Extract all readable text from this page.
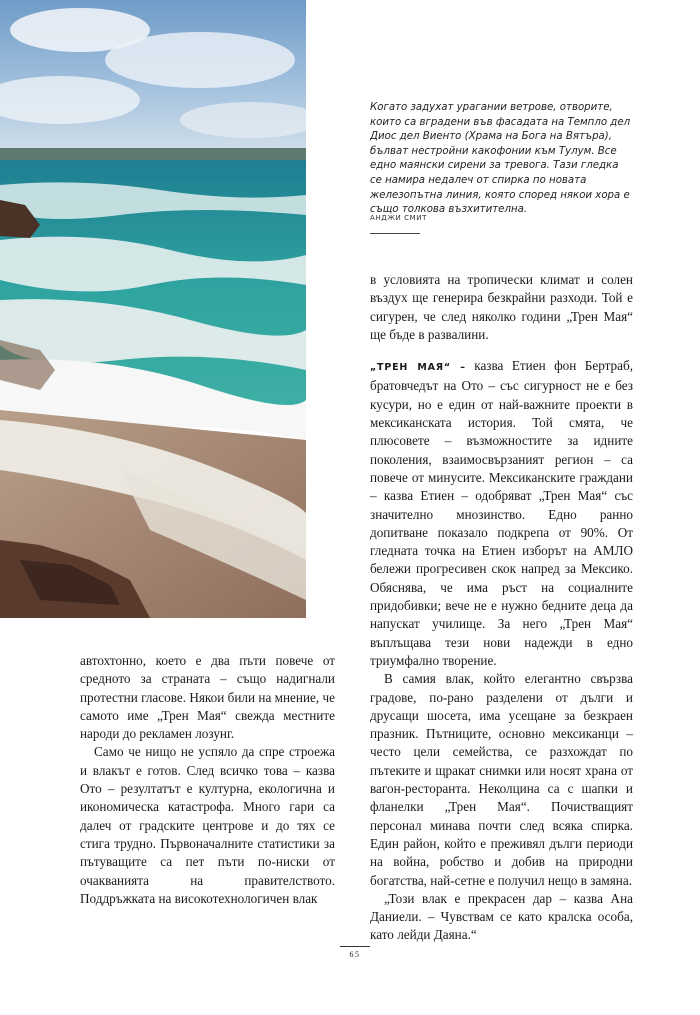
Когато задухат урагании ветрове, отворите, които са вградени във фасадата на Темпло дел Диос дел Виенто (Храма на Бога на Вятъра), бълват нестройни какофонии към Тулум. Все едно маянски сирени за тревога. Тази гледка се намира недалеч от спирка по новата железопътна линия, която според някои хора е също толкова възхитителна.
АНДЖИ СМИТ

в условията на тропически климат и солен въздух ще генерира безкрайни разходи. Той е сигурен, че след няколко години „Трен Мая“ ще бъде в развалини.

„ТРЕН МАЯ“ – казва Етиен фон Бертраб, братовчедът на Ото – със сигурност не е без кусури, но е един от най-важните проекти в мексиканската история. Той смята, че плюсовете – възможностите за идните поколения, взаимосвързаният регион – са повече от минусите. Мексиканските граждани – казва Етиен – одобряват „Трен Мая“ със значително мнозинство. Едно ранно допитване показало подкрепа от 90%. От гледната точка на Етиен изборът на АМЛО бележи прогресивен скок напред за Мексико. Обяснява, че има ръст на социалните придобивки; вече не е нужно бедните деца да напускат училище. За него „Трен Мая“ въплъщава тези нови надежди в едно триумфално творение.

В самия влак, който елегантно свързва градове, по-рано разделени от дълги и друсащи шосета, има усещане за безкраен празник. Пътниците, основно мексиканци – често цели семейства, се разхождат по пътеките и щракат снимки или носят храна от вагон-ресторанта. Неколцина са с шапки и фланелки „Трен Мая“. Почистващият персонал минава почти след всяка спирка. Един район, който е преживял дълги периоди на война, робство и добив на природни богатства, най-сетне е получил нещо в замяна.

„Този влак е прекрасен дар – казва Ана Даниели. – Чувствам се като кралска особа, като лейди Даяна.“

автохтонно, което е два пъти повече от средното за страната – също надигнали протестни гласове. Някои били на мнение, че самото име „Трен Мая“ свежда местните народи до рекламен лозунг.

Само че нищо не успяло да спре строежа и влакът е готов. След всичко това – казва Ото – резултатът е културна, екологична и икономическа катастрофа. Много гари са далеч от градските центрове и до тях се стига трудно. Първоначалните статистики за пътуващите са пет пъти по-ниски от очакванията на правителството. Поддръжката на високотехнологичен влак

65
